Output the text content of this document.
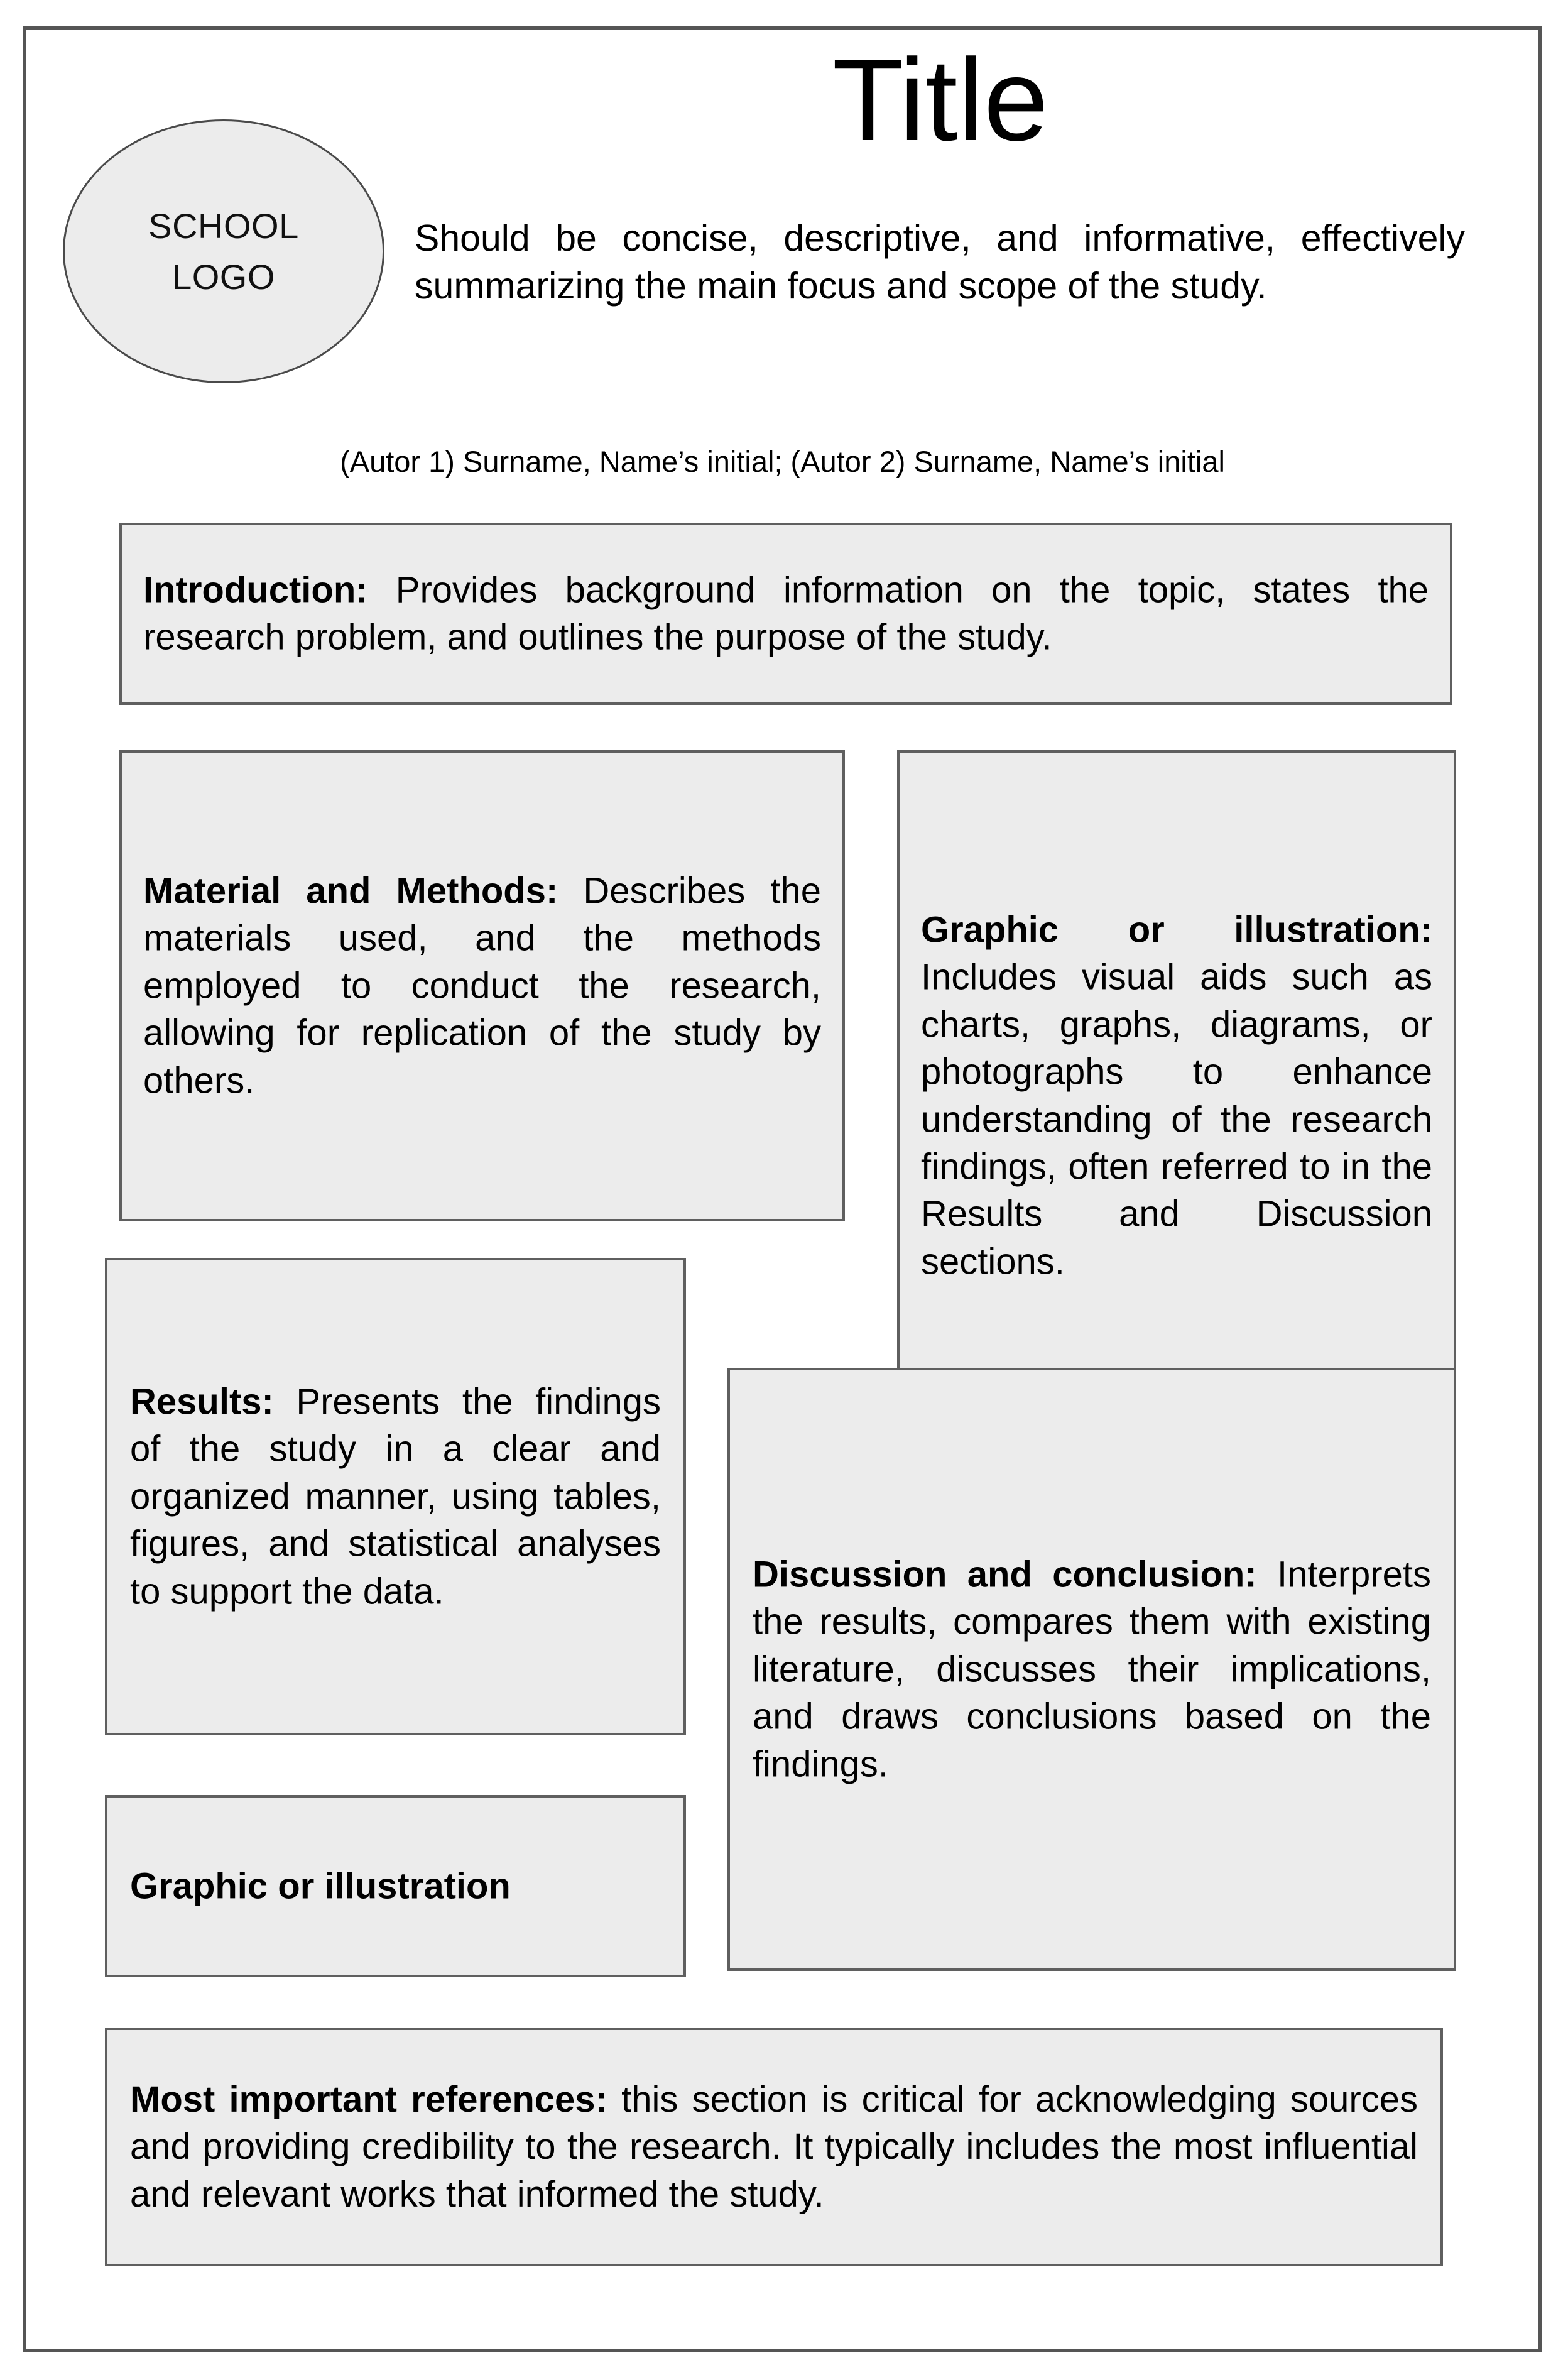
SCHOOL
LOGO
Title
Should be concise, descriptive, and informative, effectively summarizing the main focus and scope of the study.
(Autor 1) Surname, Name’s initial; (Autor 2) Surname, Name’s initial

Introduction: Provides background information on the topic, states the research problem, and outlines the purpose of the study.

Material and Methods: Describes the materials used, and the methods employed to conduct the research, allowing for replication of the study by others.

Graphic or illustration: Includes visual aids such as charts, graphs, diagrams, or photographs to enhance understanding of the research findings, often referred to in the Results and Discussion sections.

Results: Presents the findings of the study in a clear and organized manner, using tables, figures, and statistical analyses to support the data.	Discussion and conclusion: Interprets the results, compares them with existing literature, discusses their implications, and draws conclusions based on the findings.

Graphic or illustration

Most important references: this section is critical for acknowledging sources and providing credibility to the research. It typically includes the most influential and relevant works that informed the study.
